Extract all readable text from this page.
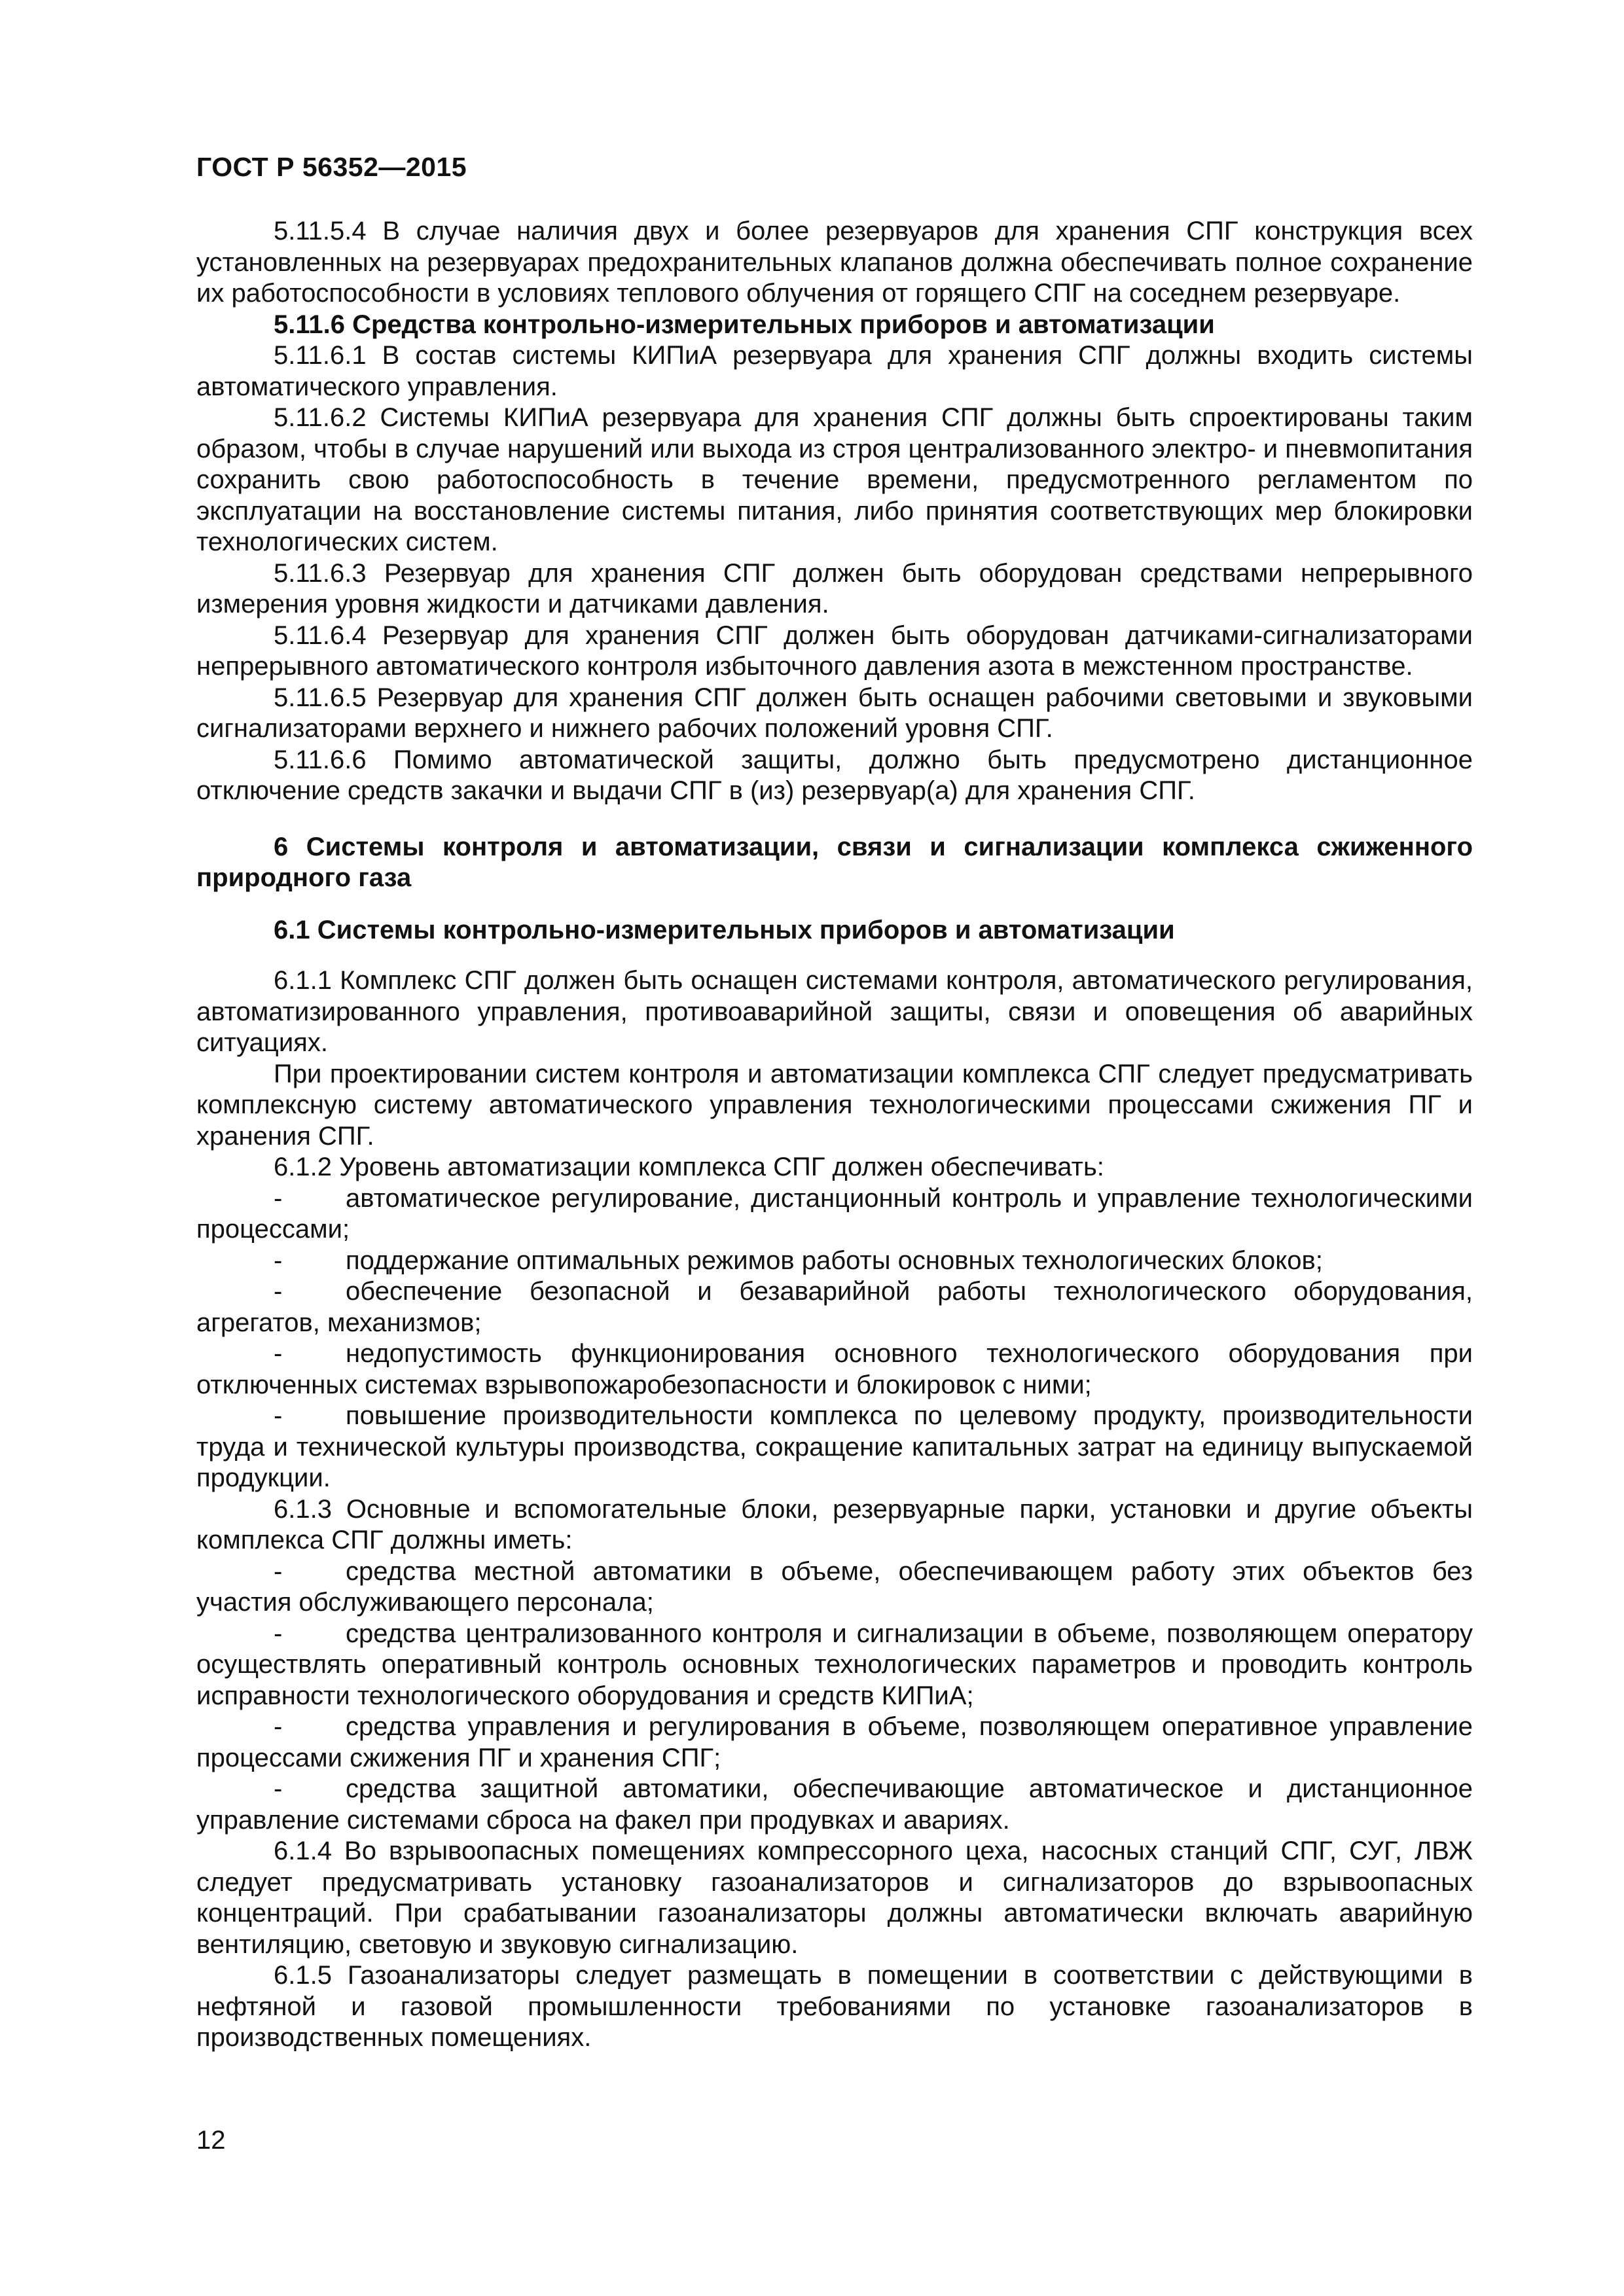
ГОСТ Р 56352—2015

5.11.5.4 В случае наличия двух и более резервуаров для хранения СПГ конструкция всех установленных на резервуарах предохранительных клапанов должна обеспечивать полное сохранение их работоспособности в условиях теплового облучения от горящего СПГ на соседнем резервуаре.

5.11.6 Средства контрольно-измерительных приборов и автоматизации

5.11.6.1 В состав системы КИПиА резервуара для хранения СПГ должны входить системы автоматического управления.

5.11.6.2 Системы КИПиА резервуара для хранения СПГ должны быть спроектированы таким образом, чтобы в случае нарушений или выхода из строя централизованного электро- и пневмопитания сохранить свою работоспособность в течение времени, предусмотренного регламентом по эксплуатации на восстановление системы питания, либо принятия соответствующих мер блокировки технологических систем.

5.11.6.3 Резервуар для хранения СПГ должен быть оборудован средствами непрерывного измерения уровня жидкости и датчиками давления.

5.11.6.4 Резервуар для хранения СПГ должен быть оборудован датчиками-сигнализаторами непрерывного автоматического контроля избыточного давления азота в межстенном пространстве.

5.11.6.5 Резервуар для хранения СПГ должен быть оснащен рабочими световыми и звуковыми сигнализаторами верхнего и нижнего рабочих положений уровня СПГ.

5.11.6.6 Помимо автоматической защиты, должно быть предусмотрено дистанционное отключение средств закачки и выдачи СПГ в (из) резервуар(а) для хранения СПГ.

6 Системы контроля и автоматизации, связи и сигнализации комплекса сжиженного природного газа

6.1 Системы контрольно-измерительных приборов и автоматизации

6.1.1 Комплекс СПГ должен быть оснащен системами контроля, автоматического регулирования, автоматизированного управления, противоаварийной защиты, связи и оповещения об аварийных ситуациях.

При проектировании систем контроля и автоматизации комплекса СПГ следует предусматривать комплексную систему автоматического управления технологическими процессами сжижения ПГ и хранения СПГ.

6.1.2 Уровень автоматизации комплекса СПГ должен обеспечивать:

- автоматическое регулирование, дистанционный контроль и управление технологическими процессами;

- поддержание оптимальных режимов работы основных технологических блоков;

- обеспечение безопасной и безаварийной работы технологического оборудования, агрегатов, механизмов;

- недопустимость функционирования основного технологического оборудования при отключенных системах взрывопожаробезопасности и блокировок с ними;

- повышение производительности комплекса по целевому продукту, производительности труда и технической культуры производства, сокращение капитальных затрат на единицу выпускаемой продукции.

6.1.3 Основные и вспомогательные блоки, резервуарные парки, установки и другие объекты комплекса СПГ должны иметь:

- средства местной автоматики в объеме, обеспечивающем работу этих объектов без участия обслуживающего персонала;

- средства централизованного контроля и сигнализации в объеме, позволяющем оператору осуществлять оперативный контроль основных технологических параметров и проводить контроль исправности технологического оборудования и средств КИПиА;

- средства управления и регулирования в объеме, позволяющем оперативное управление процессами сжижения ПГ и хранения СПГ;

- средства защитной автоматики, обеспечивающие автоматическое и дистанционное управление системами сброса на факел при продувках и авариях.

6.1.4 Во взрывоопасных помещениях компрессорного цеха, насосных станций СПГ, СУГ, ЛВЖ следует предусматривать установку газоанализаторов и сигнализаторов до взрывоопасных концентраций. При срабатывании газоанализаторы должны автоматически включать аварийную вентиляцию, световую и звуковую сигнализацию.

6.1.5 Газоанализаторы следует размещать в помещении в соответствии с действующими в нефтяной и газовой промышленности требованиями по установке газоанализаторов в производственных помещениях.

12
